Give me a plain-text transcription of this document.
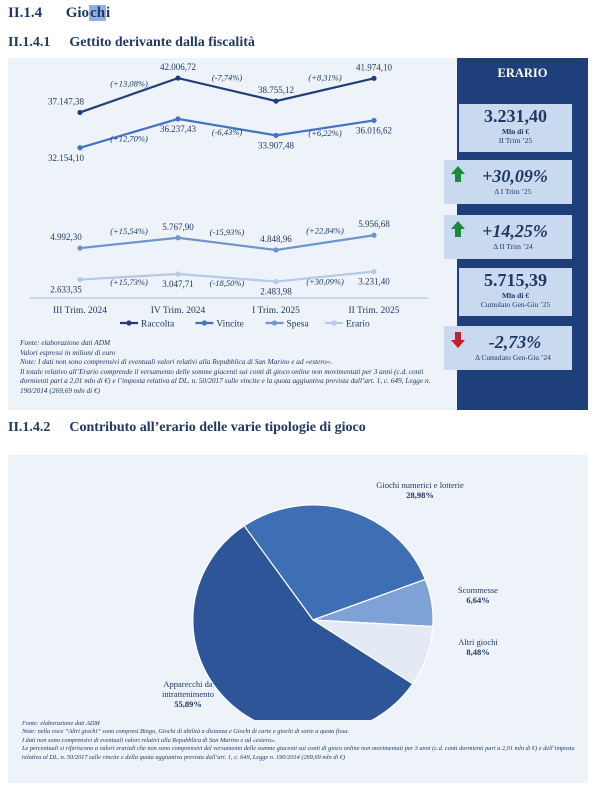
II.1.4 Giochi
II.1.4.1 Gettito derivante dalla fiscalità
37.147,38
42.006,72
38.755,12
41.974,10
(+13,08%)
(-7,74%)	(+8,31%)
32.154,10
36.237,43
33.907,48
36.016,62
(+12,70%)
(-6,43%)	(+6,22%)
4.992,30
5.767,90
4.848,96
5.956,68
(+15,54%)	(-15,93%)	(+22,84%)
2.633,35
3.047,71
2.483,98
3.231,40
(+15,73%)	(-18,50%)	(+30,09%)
III Trim. 2024	IV Trim. 2024	I Trim. 2025	II Trim. 2025
Raccolta	Vincite	Spesa	Erario
Fonte: elaborazione dati ADM
Valori espressi in milioni di euro
Note: I dati non sono comprensivi di eventuali valori relativi alla Repubblica di San Marino e ad «estero».
Il totale relativo all’Erario comprende il versamento delle somme giacenti sui conti di gioco online non movimentati per 3 anni (c.d. conti dormienti pari a 2,01 mln di €) e l’imposta relativa al DL. n. 50/2017 sulle vincite e la quota aggiuntiva prevista dall’art. 1, c. 649, Legge n. 190/2014 (269,69 mln di €)
ERARIO
3.231,40
Mln di €
II Trim ’25
+30,09%
Δ I Trim ’25
+14,25%
Δ II Trim ’24
5.715,39
Mln di €
Cumulato Gen-Giu ’25
-2,73%
Δ Cumulato Gen-Giu ’24
II.1.4.2 Contributo all’erario delle varie tipologie di gioco
Giochi numerici e lotterie
28,98%
Scommesse
6,64%
Altri giochi
8,48%
Apparecchi da
intrattenimento
55,89%
Fonte: elaborazione dati ADM
Note: nella voce “Altri giochi” sono compresi Bingo, Giochi di abilità a distanza e Giochi di carte e giochi di sorte a quota fissa.
I dati non sono comprensivi di eventuali valori relativi alla Repubblica di San Marino e ad «estero».
Le percentuali si riferiscono a valori erariali che non sono comprensivi del versamento delle somme giacenti sui conti di gioco online non movimentati per 3 anni (c.d. conti dormienti pari a 2,01 mln di €) e dell’imposta relativa al DL. n. 50/2017 sulle vincite e della quota aggiuntiva prevista dall’art. 1, c. 649, Legge n. 190/2014 (269,69 mln di €)
